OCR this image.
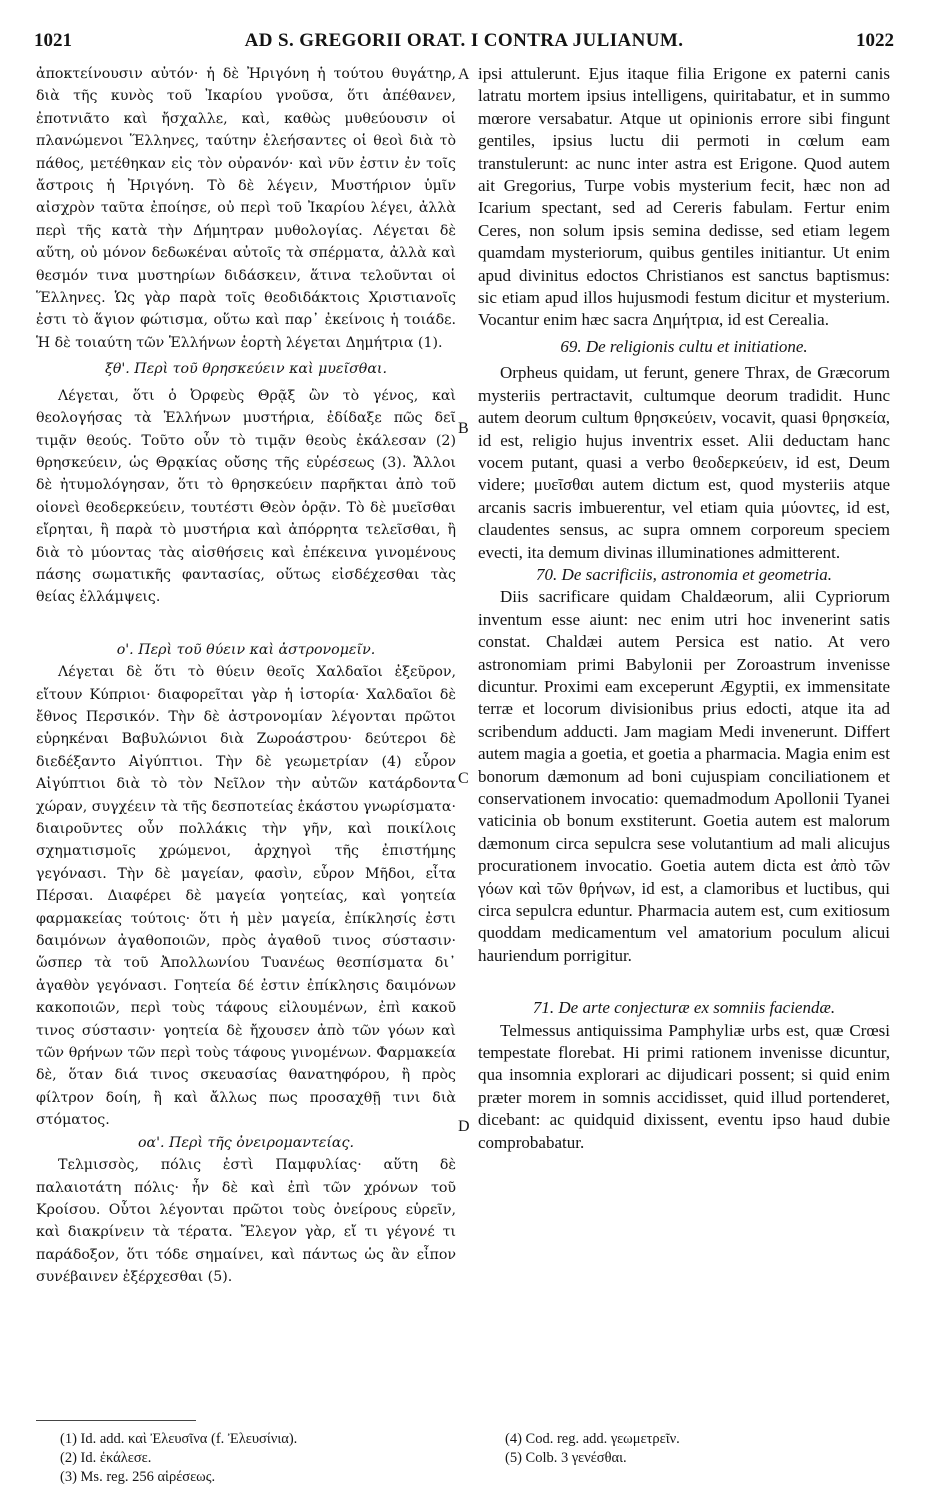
1021	AD S. GREGORII ORAT. I CONTRA JULIANUM.	1022

ἀποκτείνουσιν αὐτόν· ἡ δὲ Ἠριγόνη ἡ τούτου θυγάτηρ, διὰ τῆς κυνὸς τοῦ Ἰκαρίου γνοῦσα, ὅτι ἀπέθανεν, ἐποτνιᾶτο καὶ ἤσχαλλε, καὶ, καθὼς μυθεύουσιν οἱ πλανώμενοι Ἕλληνες, ταύτην ἐλεήσαντες οἱ θεοὶ διὰ τὸ πάθος, μετέθηκαν εἰς τὸν οὐρανόν· καὶ νῦν ἐστιν ἐν τοῖς ἄστροις ἡ Ἠριγόνη. Τὸ δὲ λέγειν, Μυστήριον ὑμῖν αἰσχρὸν ταῦτα ἐποίησε, οὐ περὶ τοῦ Ἰκαρίου λέγει, ἀλλὰ περὶ τῆς κατὰ τὴν Δήμητραν μυθολογίας. Λέγεται δὲ αὕτη, οὐ μόνον δεδωκέναι αὐτοῖς τὰ σπέρματα, ἀλλὰ καὶ θεσμόν τινα μυστηρίων διδάσκειν, ἅτινα τελοῦνται οἱ Ἕλληνες. Ὡς γὰρ παρὰ τοῖς θεοδιδάκτοις Χριστιανοῖς ἐστι τὸ ἅγιον φώτισμα, οὕτω καὶ παρ᾽ ἐκείνοις ἡ τοιάδε. Ἡ δὲ τοιαύτη τῶν Ἑλλήνων ἑορτὴ λέγεται Δημήτρια (1).

ξθ'. Περὶ τοῦ θρησκεύειν καὶ μυεῖσθαι.

Λέγεται, ὅτι ὁ Ὀρφεὺς Θρᾷξ ὢν τὸ γένος, καὶ θεολογήσας τὰ Ἑλλήνων μυστήρια, ἐδίδαξε πῶς δεῖ τιμᾷν θεούς. Τοῦτο οὖν τὸ τιμᾷν θεοὺς ἐκάλεσαν (2) θρησκεύειν, ὡς Θρᾳκίας οὔσης τῆς εὑρέσεως (3). Ἄλλοι δὲ ἠτυμολόγησαν, ὅτι τὸ θρησκεύειν παρῆκται ἀπὸ τοῦ οἱονεὶ θεοδερκεύειν, τουτέστι Θεὸν ὁρᾷν. Τὸ δὲ μυεῖσθαι εἴρηται, ἢ παρὰ τὸ μυστήρια καὶ ἀπόρρητα τελεῖσθαι, ἢ διὰ τὸ μύοντας τὰς αἰσθήσεις καὶ ἐπέκεινα γινομένους πάσης σωματικῆς φαντασίας, οὕτως εἰσδέχεσθαι τὰς θείας ἐλλάμψεις.

ο'. Περὶ τοῦ θύειν καὶ ἀστρονομεῖν.

Λέγεται δὲ ὅτι τὸ θύειν θεοῖς Χαλδαῖοι ἐξεῦρον, εἴτουν Κύπριοι· διαφορεῖται γὰρ ἡ ἱστορία· Χαλδαῖοι δὲ ἔθνος Περσικόν. Τὴν δὲ ἀστρονομίαν λέγονται πρῶτοι εὑρηκέναι Βαβυλώνιοι διὰ Ζωροάστρου· δεύτεροι δὲ διεδέξαντο Αἰγύπτιοι. Τὴν δὲ γεωμετρίαν (4) εὗρον Αἰγύπτιοι διὰ τὸ τὸν Νεῖλον τὴν αὐτῶν κατάρδοντα χώραν, συγχέειν τὰ τῆς δεσποτείας ἑκάστου γνωρίσματα· διαιροῦντες οὖν πολλάκις τὴν γῆν, καὶ ποικίλοις σχηματισμοῖς χρώμενοι, ἀρχηγοὶ τῆς ἐπιστήμης γεγόνασι. Τὴν δὲ μαγείαν, φασὶν, εὗρον Μῆδοι, εἶτα Πέρσαι. Διαφέρει δὲ μαγεία γοητείας, καὶ γοητεία φαρμακείας τούτοις· ὅτι ἡ μὲν μαγεία, ἐπίκλησίς ἐστι δαιμόνων ἀγαθοποιῶν, πρὸς ἀγαθοῦ τινος σύστασιν· ὥσπερ τὰ τοῦ Ἀπολλωνίου Τυανέως θεσπίσματα δι᾽ ἀγαθὸν γεγόνασι. Γοητεία δέ ἐστιν ἐπίκλησις δαιμόνων κακοποιῶν, περὶ τοὺς τάφους εἰλουμένων, ἐπὶ κακοῦ τινος σύστασιν· γοητεία δὲ ἤχουσεν ἀπὸ τῶν γόων καὶ τῶν θρήνων τῶν περὶ τοὺς τάφους γινομένων. Φαρμακεία δὲ, ὅταν διά τινος σκευασίας θανατηφόρου, ἢ πρὸς φίλτρον δοίη, ἢ καὶ ἄλλως πως προσαχθῇ τινι διὰ στόματος.

οα'. Περὶ τῆς ὀνειρομαντείας.

Τελμισσὸς, πόλις ἐστὶ Παμφυλίας· αὕτη δὲ παλαιοτάτη πόλις· ἦν δὲ καὶ ἐπὶ τῶν χρόνων τοῦ Κροίσου. Οὗτοι λέγονται πρῶτοι τοὺς ὀνείρους εὑρεῖν, καὶ διακρίνειν τὰ τέρατα. Ἔλεγον γὰρ, εἴ τι γέγονέ τι παράδοξον, ὅτι τόδε σημαίνει, καὶ πάντως ὡς ἂν εἶπον συνέβαινεν ἐξέρχεσθαι (5).

ipsi attulerunt. Ejus itaque filia Erigone ex paterni canis latratu mortem ipsius intelligens, quiritabatur, et in summo mœrore versabatur. Atque ut opinionis errore sibi fingunt gentiles, ipsius luctu dii permoti in cœlum eam transtulerunt: ac nunc inter astra est Erigone. Quod autem ait Gregorius, Turpe vobis mysterium fecit, hæc non ad Icarium spectant, sed ad Cereris fabulam. Fertur enim Ceres, non solum ipsis semina dedisse, sed etiam legem quamdam mysteriorum, quibus gentiles initiantur. Ut enim apud divinitus edoctos Christianos est sanctus baptismus: sic etiam apud illos hujusmodi festum dicitur et mysterium. Vocantur enim hæc sacra Δημήτρια, id est Cerealia.

69. De religionis cultu et initiatione.

Orpheus quidam, ut ferunt, genere Thrax, de Græcorum mysteriis pertractavit, cultumque deorum tradidit. Hunc autem deorum cultum θρησκεύειν, vocavit, quasi θρησκεία, id est, religio hujus inventrix esset. Alii deductam hanc vocem putant, quasi a verbo θεοδερκεύειν, id est, Deum videre; μυεῖσθαι autem dictum est, quod mysteriis atque arcanis sacris imbuerentur, vel etiam quia μύοντες, id est, claudentes sensus, ac supra omnem corporeum speciem evecti, ita demum divinas illuminationes admitterent.

70. De sacrificiis, astronomia et geometria.

Diis sacrificare quidam Chaldæorum, alii Cypriorum inventum esse aiunt: nec enim utri hoc invenerint satis constat. Chaldæi autem Persica est natio. At vero astronomiam primi Babylonii per Zoroastrum invenisse dicuntur. Proximi eam exceperunt Ægyptii, ex immensitate terræ et locorum divisionibus prius edocti, atque ita ad scribendum adducti. Jam magiam Medi invenerunt. Differt autem magia a goetia, et goetia a pharmacia. Magia enim est bonorum dæmonum ad boni cujuspiam conciliationem et conservationem invocatio: quemadmodum Apollonii Tyanei vaticinia ob bonum exstiterunt. Goetia autem est malorum dæmonum circa sepulcra sese volutantium ad mali alicujus procurationem invocatio. Goetia autem dicta est ἀπὸ τῶν γόων καὶ τῶν θρήνων, id est, a clamoribus et luctibus, qui circa sepulcra eduntur. Pharmacia autem est, cum exitiosum quoddam medicamentum vel amatorium poculum alicui hauriendum porrigitur.

71. De arte conjecturæ ex somniis faciendæ.

Telmessus antiquissima Pamphyliæ urbs est, quæ Crœsi tempestate florebat. Hi primi rationem invenisse dicuntur, qua insomnia explorari ac dijudicari possent; si quid enim præter morem in somnis accidisset, quid illud portenderet, dicebant: ac quidquid dixissent, eventu ipso haud dubie comprobabatur.

A
B
C
D
(1) Id. add. καὶ Ἐλευσῖνα (f. Ἐλευσίνια).
(2) Id. ἐκάλεσε.
(3) Ms. reg. 256 αἱρέσεως.
(4) Cod. reg. add. γεωμετρεῖν.
(5) Colb. 3 γενέσθαι.
